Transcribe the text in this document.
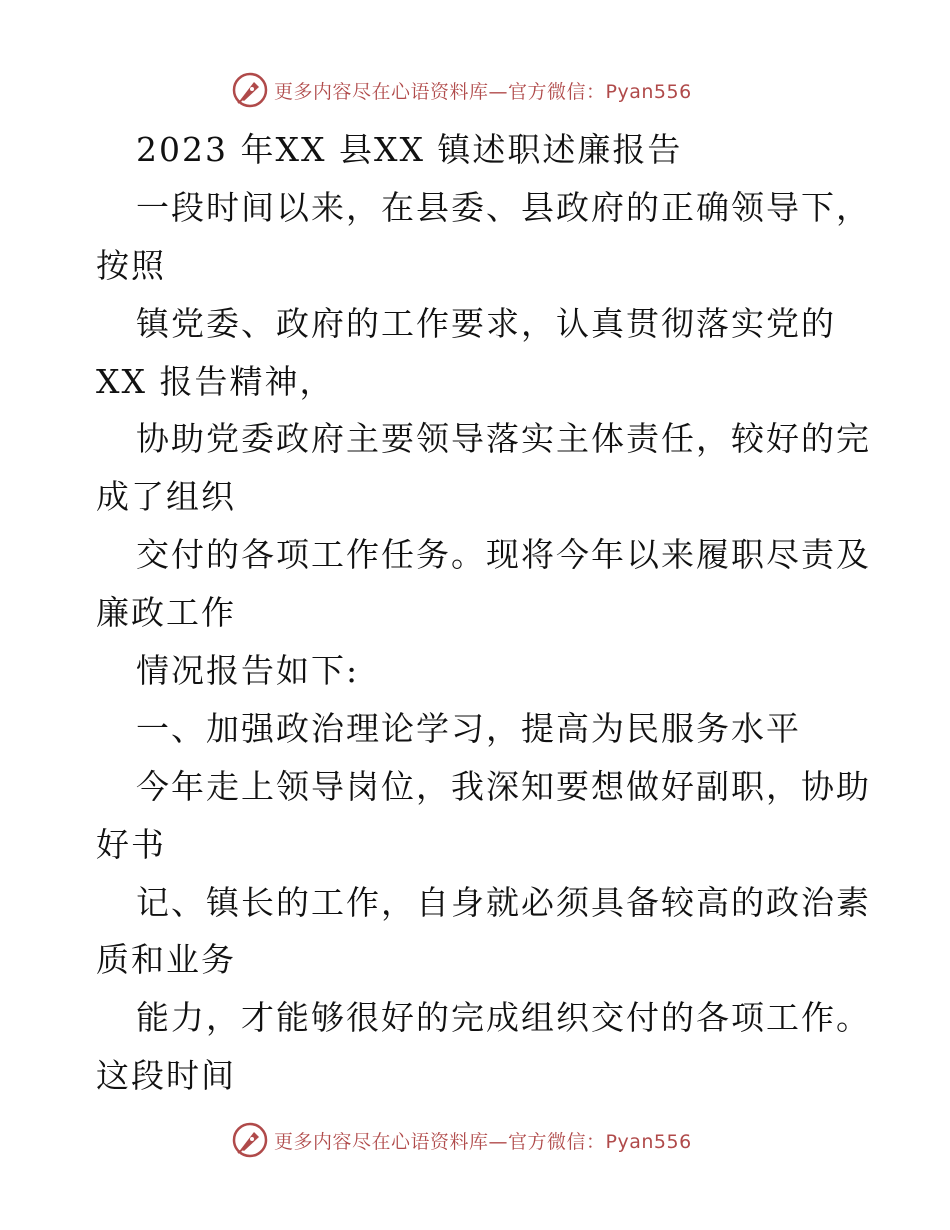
更多内容尽在心语资料库—官方微信：Pyan556
2023 年XX 县XX 镇述职述廉报告
一段时间以来，在县委、县政府的正确领导下，
按照
镇党委、政府的工作要求，认真贯彻落实党的
XX 报告精神，
协助党委政府主要领导落实主体责任，较好的完
成了组织
交付的各项工作任务。现将今年以来履职尽责及
廉政工作
情况报告如下:
一、加强政治理论学习，提高为民服务水平
今年走上领导岗位，我深知要想做好副职，协助
好书
记、镇长的工作，自身就必须具备较高的政治素
质和业务
能力，才能够很好的完成组织交付的各项工作。
这段时间
更多内容尽在心语资料库—官方微信：Pyan556
